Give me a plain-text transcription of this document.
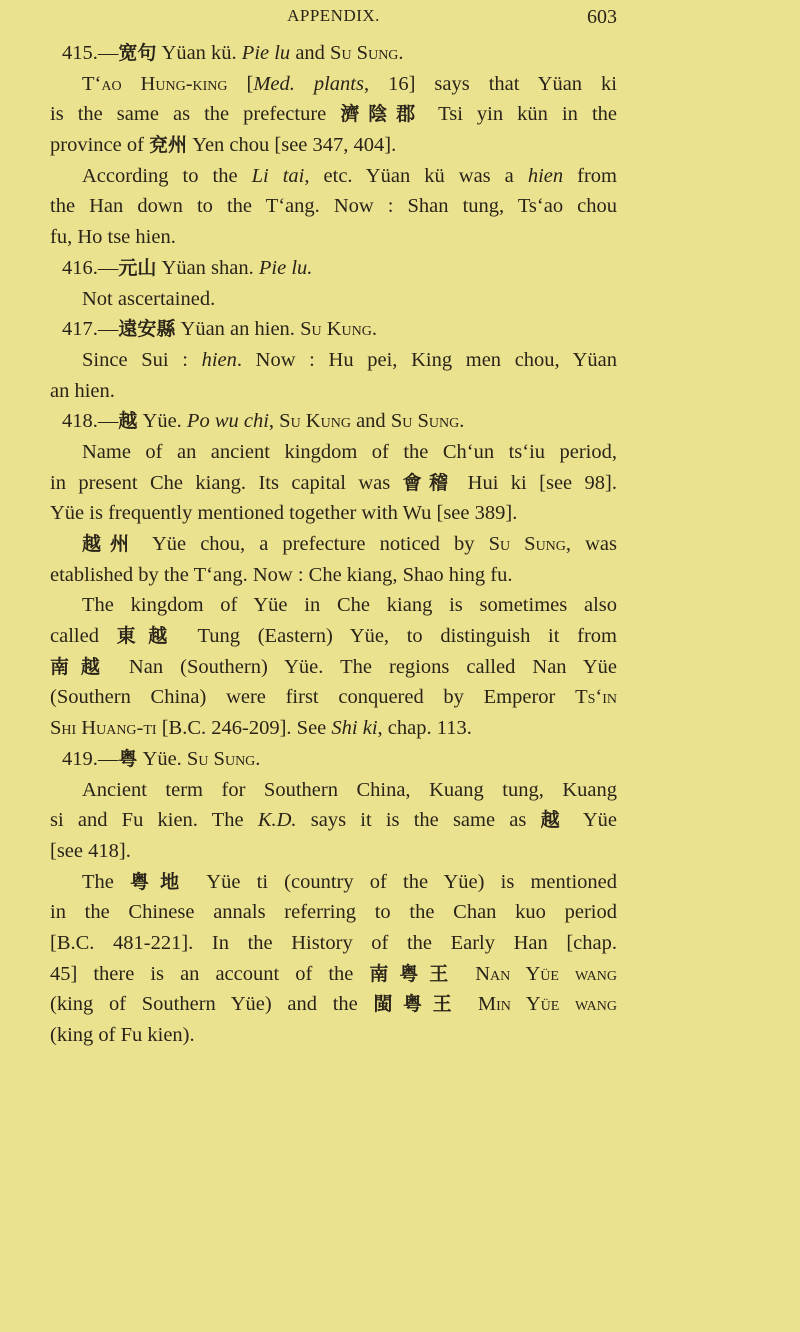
APPENDIX.	603
415.—宽句 Yüan kü. Pie lu and Su Sung.
T‘ao Hung-king [Med. plants, 16] says that Yüan ki
is the same as the prefecture 濟陰郡 Tsi yin kün in the
province of 兗州 Yen chou [see 347, 404].
According to the Li tai, etc. Yüan kü was a hien from
the Han down to the T‘ang. Now : Shan tung, Ts‘ao chou
fu, Ho tse hien.
416.—元山 Yüan shan. Pie lu.
Not ascertained.
417.—遠安縣 Yüan an hien. Su Kung.
Since Sui : hien. Now : Hu pei, King men chou, Yüan
an hien.
418.—越 Yüe. Po wu chi, Su Kung and Su Sung.
Name of an ancient kingdom of the Ch‘un ts‘iu period,
in present Che kiang. Its capital was 會稽 Hui ki [see 98].
Yüe is frequently mentioned together with Wu [see 389].
越州 Yüe chou, a prefecture noticed by Su Sung, was
etablished by the T‘ang. Now : Che kiang, Shao hing fu.
The kingdom of Yüe in Che kiang is sometimes also
called 東越 Tung (Eastern) Yüe, to distinguish it from
南越 Nan (Southern) Yüe. The regions called Nan Yüe
(Southern China) were first conquered by Emperor Ts‘in
Shi Huang-ti [B.C. 246-209]. See Shi ki, chap. 113.
419.—粤 Yüe. Su Sung.
Ancient term for Southern China, Kuang tung, Kuang
si and Fu kien. The K.D. says it is the same as 越 Yüe
[see 418].
The 粤地 Yüe ti (country of the Yüe) is mentioned
in the Chinese annals referring to the Chan kuo period
[B.C. 481-221]. In the History of the Early Han [chap.
45] there is an account of the 南粤王 Nan Yüe wang
(king of Southern Yüe) and the 閩粤王 Min Yüe wang
(king of Fu kien).
